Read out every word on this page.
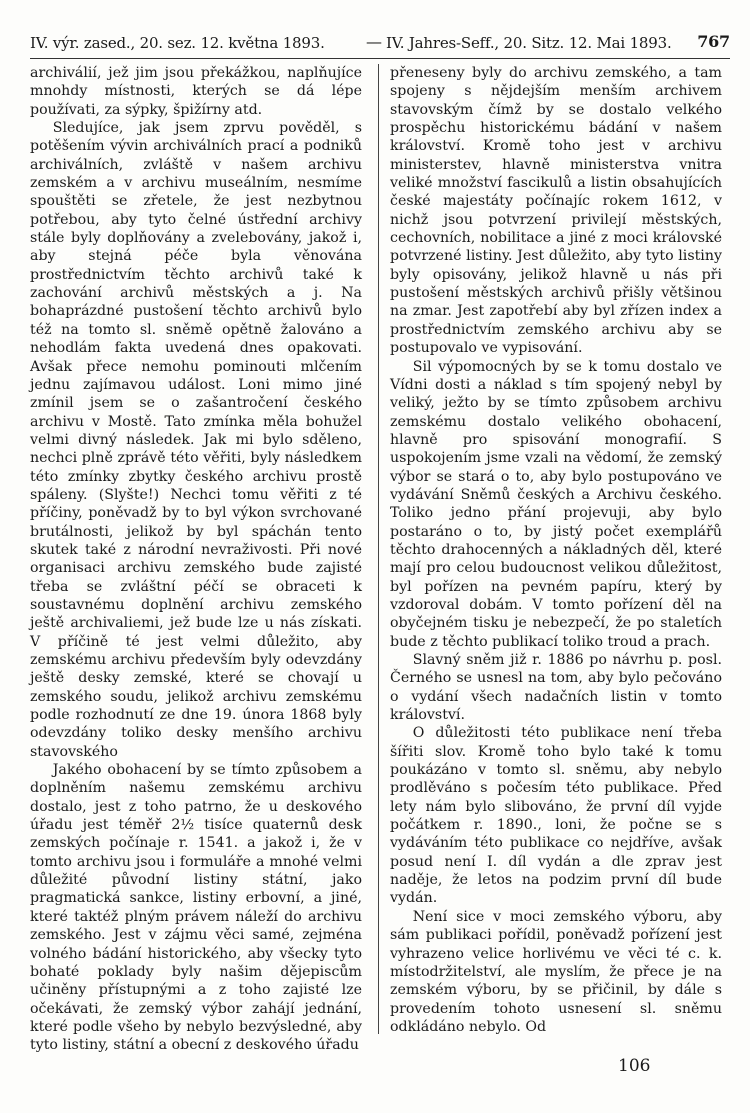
IV. výr. zased., 20. sez. 12. května 1893.	— IV. Jahres-Seff., 20. Sitz. 12. Mai 1893. 767

archiválií, jež jim jsou překážkou, naplňujíce mnohdy místnosti, kterých se dá lépe používati, za sýpky, špižírny atd.

Sledujíce, jak jsem zprvu pověděl, s potěšením vývin archiválních prací a podniků archiválních, zvláště v našem archivu zemském a v archivu museálním, nesmíme spouštěti se zřetele, že jest nezbytnou potřebou, aby tyto čelné ústřední archivy stále byly doplňovány a zvelebovány, jakož i, aby stejná péče byla věnována prostřednictvím těchto archivů také k zachování archivů městských a j. Na bohaprázdné pustošení těchto archivů bylo též na tomto sl. sněmě opětně žalováno a nehodlám fakta uvedená dnes opakovati. Avšak přece nemohu pominouti mlčením jednu zajímavou událost. Loni mimo jiné zmínil jsem se o zašantročení českého archivu v Mostě. Tato zmínka měla bohužel velmi divný následek. Jak mi bylo sděleno, nechci plně zprávě této věřiti, byly následkem této zmínky zbytky českého archivu prostě spáleny. (Slyšte!) Nechci tomu věřiti z té příčiny, poněvadž by to byl výkon svrchované brutálnosti, jelikož by byl spáchán tento skutek také z národní nevraživosti. Při nové organisaci archivu zemského bude zajisté třeba se zvláštní péčí se obraceti k soustavnému doplnění archivu zemského ještě archivaliemi, jež bude lze u nás získati. V příčině té jest velmi důležito, aby zemskému archivu především byly odevzdány ještě desky zemské, které se chovají u zemského soudu, jelikož archivu zemskému podle rozhodnutí ze dne 19. února 1868 byly odevzdány toliko desky menšího archivu stavovského

Jakého obohacení by se tímto způsobem a doplněním našemu zemskému archivu dostalo, jest z toho patrno, že u deskového úřadu jest téměř 2½ tisíce quaternů desk zemských počínaje r. 1541. a jakož i, že v tomto archivu jsou i formuláře a mnohé velmi důležité původní listiny státní, jako pragmatická sankce, listiny erbovní, a jiné, které taktéž plným právem náleží do archivu zemského. Jest v zájmu věci samé, zejména volného bádání historického, aby všecky tyto bohaté poklady byly našim dějepiscům učiněny přístupnými a z toho zajisté lze očekávati, že zemský výbor zahájí jednání, které podle všeho by nebylo bezvýsledné, aby tyto listiny, státní a obecní z deskového úřadu

přeneseny byly do archivu zemského, a tam spojeny s nějdejším menším archivem stavovským čímž by se dostalo velkého prospěchu historickému bádání v našem království. Kromě toho jest v archivu ministerstev, hlavně ministerstva vnitra veliké množství fascikulů a listin obsahujících české majestáty počínajíc rokem 1612, v nichž jsou potvrzení privilejí městských, cechovních, nobilitace a jiné z moci královské potvrzené listiny. Jest důležito, aby tyto listiny byly opisovány, jelikož hlavně u nás při pustošení městských archivů přišly většinou na zmar. Jest zapotřebí aby byl zřízen index a prostřednictvím zemského archivu aby se postupovalo ve vypisování.

Sil výpomocných by se k tomu dostalo ve Vídni dosti a náklad s tím spojený nebyl by veliký, ježto by se tímto způsobem archivu zemskému dostalo velikého obohacení, hlavně pro spisování monografií. S uspokojením jsme vzali na vědomí, že zemský výbor se stará o to, aby bylo postupováno ve vydávání Sněmů českých a Archivu českého. Toliko jedno přání projevuji, aby bylo postaráno o to, by jistý počet exemplářů těchto drahocenných a nákladných děl, které mají pro celou budoucnost velikou důležitost, byl pořízen na pevném papíru, který by vzdoroval dobám. V tomto pořízení děl na obyčejném tisku je nebezpečí, že po staletích bude z těchto publikací toliko troud a prach.

Slavný sněm již r. 1886 po návrhu p. posl. Černého se usnesl na tom, aby bylo pečováno o vydání všech nadačních listin v tomto království.

O důležitosti této publikace není třeba šířiti slov. Kromě toho bylo také k tomu poukázáno v tomto sl. sněmu, aby nebylo prodlěváno s počesím této publikace. Před lety nám bylo slibováno, že první díl vyjde počátkem r. 1890., loni, že počne se s vydáváním této publikace co nejdříve, avšak posud není I. díl vydán a dle zprav jest naděje, že letos na podzim první díl bude vydán.

Není sice v moci zemského výboru, aby sám publikaci pořídil, poněvadž pořízení jest vyhrazeno velice horlivému ve věci té c. k. místodržitelství, ale myslím, že přece je na zemském výboru, by se přičinil, by dále s provedením tohoto usnesení sl. sněmu odkládáno nebylo. Od

106
